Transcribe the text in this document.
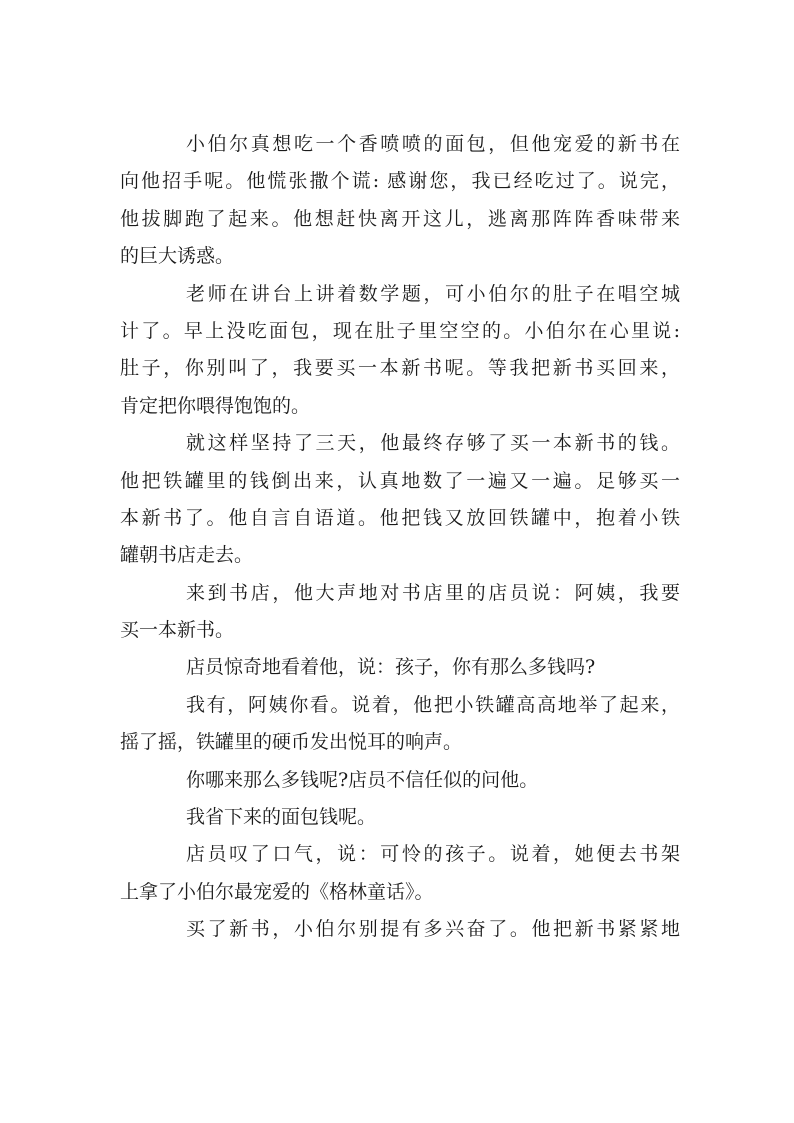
小伯尔真想吃一个香喷喷的面包，但他宠爱的新书在
向他招手呢。他慌张撒个谎: 感谢您，我已经吃过了。说完，
他拔脚跑了起来。他想赶快离开这儿，逃离那阵阵香味带来
的巨大诱惑。
老师在讲台上讲着数学题，可小伯尔的肚子在唱空城
计了。早上没吃面包，现在肚子里空空的。小伯尔在心里说:
肚子，你别叫了，我要买一本新书呢。等我把新书买回来，
肯定把你喂得饱饱的。
就这样坚持了三天，他最终存够了买一本新书的钱。
他把铁罐里的钱倒出来，认真地数了一遍又一遍。足够买一
本新书了。他自言自语道。他把钱又放回铁罐中，抱着小铁
罐朝书店走去。
来到书店，他大声地对书店里的店员说：阿姨，我要
买一本新书。
店员惊奇地看着他，说：孩子，你有那么多钱吗?
我有，阿姨你看。说着，他把小铁罐高高地举了起来，
摇了摇，铁罐里的硬币发出悦耳的响声。
你哪来那么多钱呢?店员不信任似的问他。
我省下来的面包钱呢。
店员叹了口气，说：可怜的孩子。说着，她便去书架
上拿了小伯尔最宠爱的《格林童话》。
买了新书，小伯尔别提有多兴奋了。他把新书紧紧地
